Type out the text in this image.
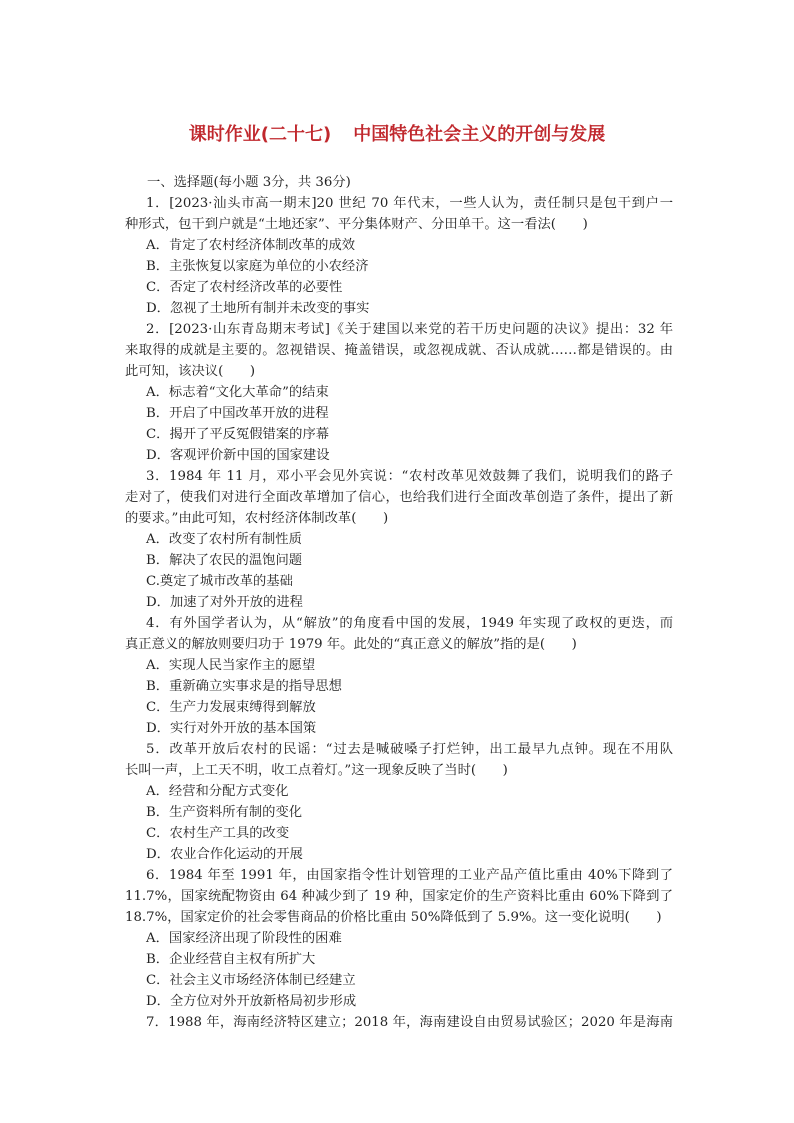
课时作业(二十七) 中国特色社会主义的开创与发展
一、选择题(每小题 3分，共 36分)
1．[2023·汕头市高一期末]20 世纪 70 年代末，一些人认为，责任制只是包干到户一
种形式，包干到户就是“土地还家”、平分集体财产、分田单干。这一看法(　　)
A．肯定了农村经济体制改革的成效
B．主张恢复以家庭为单位的小农经济
C．否定了农村经济改革的必要性
D．忽视了土地所有制并未改变的事实
2．[2023·山东青岛期末考试]《关于建国以来党的若干历史问题的决议》提出：32 年
来取得的成就是主要的。忽视错误、掩盖错误，或忽视成就、否认成就……都是错误的。由
此可知，该决议(　　)
A．标志着“文化大革命”的结束
B．开启了中国改革开放的进程
C．揭开了平反冤假错案的序幕
D．客观评价新中国的国家建设
3．1984 年 11 月，邓小平会见外宾说：“农村改革见效鼓舞了我们，说明我们的路子
走对了，使我们对进行全面改革增加了信心，也给我们进行全面改革创造了条件，提出了新
的要求。”由此可知，农村经济体制改革(　　)
A．改变了农村所有制性质
B．解决了农民的温饱问题
C.奠定了城市改革的基础
D．加速了对外开放的进程
4．有外国学者认为，从“解放”的角度看中国的发展，1949 年实现了政权的更迭，而
真正意义的解放则要归功于 1979 年。此处的“真正意义的解放”指的是(　　)
A．实现人民当家作主的愿望
B．重新确立实事求是的指导思想
C．生产力发展束缚得到解放
D．实行对外开放的基本国策
5．改革开放后农村的民谣：“过去是喊破嗓子打烂钟，出工最早九点钟。现在不用队
长叫一声，上工天不明，收工点着灯。”这一现象反映了当时(　　)
A．经营和分配方式变化
B．生产资料所有制的变化
C．农村生产工具的改变
D．农业合作化运动的开展
6．1984 年至 1991 年，由国家指令性计划管理的工业产品产值比重由 40%下降到了
11.7%，国家统配物资由 64 种减少到了 19 种，国家定价的生产资料比重由 60%下降到了
18.7%，国家定价的社会零售商品的价格比重由 50%降低到了 5.9%。这一变化说明(　　)
A．国家经济出现了阶段性的困难
B．企业经营自主权有所扩大
C．社会主义市场经济体制已经建立
D．全方位对外开放新格局初步形成
7．1988 年，海南经济特区建立；2018 年，海南建设自由贸易试验区；2020 年是海南
